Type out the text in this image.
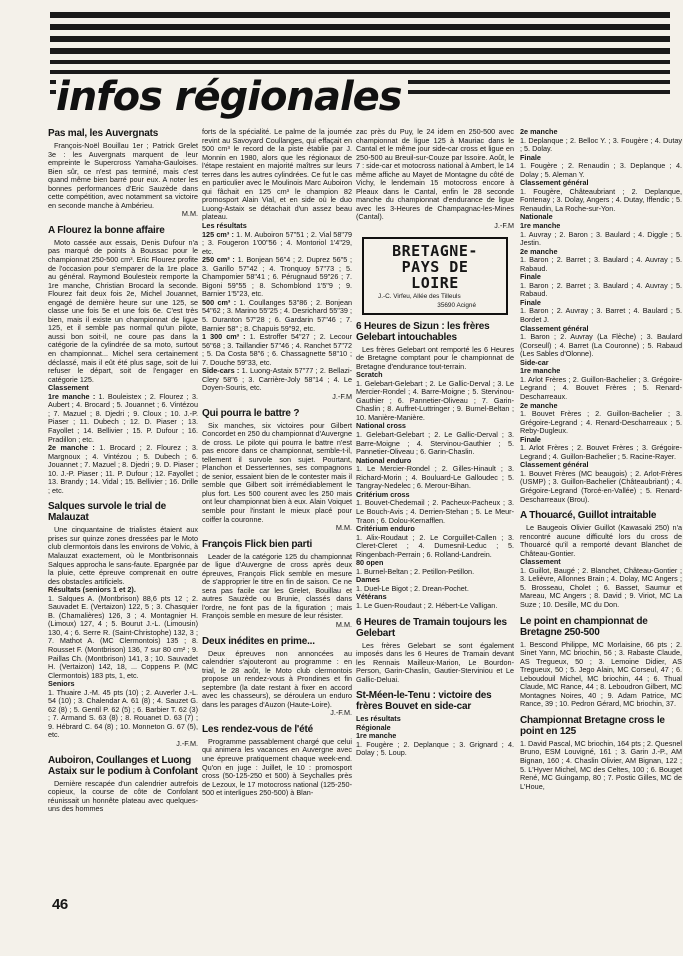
infos régionales
Pas mal, les Auvergnats

François-Noël Bouillau 1er ; Patrick Grelet 3e : les Auvergnats marquent de leur empreinte le Supercross Yamaha-Gauloises. Bien sûr, ce n'est pas terminé, mais c'est quand même bien barré pour eux. A noter les bonnes performances d'Eric Sauzède dans cette compétition, avec notamment sa victoire en seconde manche à Ambérieu.

M.M.

A Flourez la bonne affaire

Moto cassée aux essais, Denis Dufour n'a pas marqué de points à Boussac pour le championnat 250-500 cm³. Eric Flourez profite de l'occasion pour s'emparer de la 1re place au général. Raymond Boulesteix remporte la 1re manche, Christian Brocard la seconde. Flourez fait deux fois 2e, Michel Jouannet, engagé de dernière heure sur une 125, se classe une fois 5e et une fois 6e. C'est très bien, mais il existe un championnat de ligue 125, et il semble pas normal qu'un pilote, aussi bon soit-il, ne coure pas dans la catégorie de la cylindrée de sa moto, surtout en championnat... Michel sera certainement déclassé, mais il eût été plus sage, soit de lui refuser le départ, soit de l'engager en catégorie 125.

Classement

1re manche : 1. Bouleistex ; 2. Flourez ; 3. Aubert ; 4. Brocard ; 5. Jouannet ; 6. Vintézou ; 7. Mazuel ; 8. Djedri ; 9. Cloux ; 10. J.-P. Piaser ; 11. Dubech ; 12. D. Piaser ; 13. Fayollet ; 14. Bellivier ; 15. P. Dufour ; 16. Pradillon ; etc.

2e manche : 1. Brocard ; 2. Flourez ; 3. Margnoux ; 4. Vintézou ; 5. Dubech ; 6. Jouannet ; 7. Mazuel ; 8. Djedri ; 9. D. Piaser ; 10. J.-P. Piaser ; 11. P. Dufour ; 12. Fayollet ; 13. Brandy ; 14. Vidal ; 15. Bellivier ; 16. Drille ; etc.

Salques survole le trial de Malauzat

Une cinquantaine de trialistes étaient aux prises sur quinze zones dressées par le Moto club clermontois dans les environs de Volvic, à Malauzat exactement, où le Montbrisonnais Salques approcha le sans-faute. Epargnée par la pluie, cette épreuve comprenait en outre des obstacles artificiels.

Résultats (seniors 1 et 2).

1. Salques A. (Montbrison) 88,6 pts 12 ; 2. Sauvadet E. (Vertaizon) 122, 5 ; 3. Chasquier B. (Chamalières) 126, 3 ; 4. Montagnier H. (Limoux) 127, 4 ; 5. Bourut J.-L. (Limousin) 130, 4 ; 6. Serre R. (Saint-Christophe) 132, 3 ; 7. Mathot A. (MC Clermontois) 135 ; 8. Rousset F. (Montbrison) 136, 7 sur 80 cm² ; 9. Paillas Ch. (Montbrison) 141, 3 ; 10. Sauvadet H. (Vertaizon) 142, 18, ... Coppens P. (MC Clermontois) 183 pts, 1, etc.

Seniors

1. Thuaire J.-M. 45 pts (10) ; 2. Auverler J.-L. 54 (10) ; 3. Chalendar A. 61 (8) ; 4. Sauzet G. 62 (8) ; 5. Gentil P. 62 (5) ; 6. Barbier T. 62 (3) ; 7. Armand S. 63 (8) ; 8. Rouanet D. 63 (7) ; 9. Hébrard C. 64 (8) ; 10. Monneton G. 67 (5), etc.

J.-F.M.

Auboiron, Coullanges et Luong Astaix sur le podium à Confolant

Dernière rescapée d'un calendrier autrefois copieux, la course de côte de Confolant réunissait un honnête plateau avec quelques-uns des hommes

forts de la spécialité. Le palme de la journée revint au Savoyard Coullanges, qui effaçait en 500 cm³ le record de la piste établie par J. Monnin en 1980, alors que les régionaux de l'étape restaient en majorité maîtres sur leurs terres dans les autres cylindrées. Ce fut le cas en particulier avec le Moulinois Marc Auboiron qui fâchait en 125 cm³ le champion 82 promosport Alain Vial, et en side où le duo Luong-Astaix se détachait d'un assez beau plateau.

Les résultats

125 cm³ : 1. M. Auboiron 57"51 ; 2. Vial 58"79 ; 3. Fougeron 1'00"56 ; 4. Montoriol 1'4"29, etc.

250 cm³ : 1. Bonjean 56"4 ; 2. Duprez 56"5 ; 3. Garillo 57"42 ; 4. Tronquoy 57"73 ; 5. Champomier 58"41 ; 6. Pérugnaud 59"26 ; 7. Bigoni 59"55 ; 8. Schomblond 1'5"9 ; 9. Barnier 1'5"23, etc.

500 cm³ : 1. Coullanges 53"86 ; 2. Bonjean 54"62 ; 3. Marino 55"25 ; 4. Desrichard 55"39 ; 5. Duranton 57"28 ; 6. Gardarin 57"46 ; 7. Barnier 58" ; 8. Chapuis 59"92, etc.

1 300 cm³ : 1. Estroffer 54"27 ; 2. Lecour 56"68 ; 3. Taillandier 57"46 ; 4. Ranchet 57"72 ; 5. Da Costa 58"6 ; 6. Chassagnette 58"10 ; 7. Douche 59"33, etc.

Side-cars : 1. Luong-Astaix 57"77 ; 2. Bellazi-Clery 58"6 ; 3. Carrière-Joly 58"14 ; 4. Le Doyen-Souris, etc.

J.-F.M

Qui pourra le battre ?

Six manches, six victoires pour Gilbert Concordet en 250 du championnat d'Auvergne de cross. Le pilote qui pourra le battre n'est pas encore dans ce championnat, semble-t-il, tellement il survole son sujet. Pourtant, Planchon et Dessertennes, ses compagnons de senior, essaient bien de le contester mais il semble que Gilbert soit irrémédiablement le plus fort. Les 500 courent avec les 250 mais ont leur championnat bien à eux. Alain Voiquet semble pour l'instant le mieux placé pour coiffer la couronne.

M.M.

François Flick bien parti

Leader de la catégorie 125 du championnat de ligue d'Auvergne de cross après deux épreuves, François Flick semble en mesure de s'approprier le titre en fin de saison. Ce ne sera pas facile car les Grelet, Bouillau et autres Sauzède ou Brunie, classés dans l'ordre, ne font pas de la figuration ; mais François semble en mesure de leur résister.

M.M.

Deux inédites en prime...

Deux épreuves non annoncées au calendrier s'ajouteront au programme : en trial, le 28 août, le Moto club clermontois propose un rendez-vous à Prondines et fin septembre (la date restant à fixer en accord avec les chasseurs), se déroulera un enduro dans les parages d'Auzon (Haute-Loire).

J.-F.M.

Les rendez-vous de l'été

Programme passablement chargé que celui qui animera les vacances en Auvergne avec une épreuve pratiquement chaque week-end. Qu'on en juge : Juillet, le 10 : promosport cross (50-125-250 et 500) à Seychalles près de Lezoux, le 17 motocross national (125-250-500 et interligues 250-500) à Blan-

zac près du Puy, le 24 idem en 250-500 avec championnat de ligue 125 à Mauriac dans le Cantal et le même jour side-car cross et ligue en 250-500 au Breuil-sur-Couze par Issoire. Août, le 7 : side-car et motocross national à Ambert, le 14 même affiche au Mayet de Montagne du côté de Vichy, le lendemain 15 motocross encore à Pleaux dans le Cantal, enfin le 28 seconde manche du championnat d'endurance de ligue avec les 3-Heures de Champagnac-les-Mines (Cantal).

J.-F.M

BRETAGNE-
PAYS DE
LOIRE
J.-C. Virfeu, Allée des Tilleuls
35690 Acigné
6 Heures de Sizun : les frères Gelebart intouchables

Les frères Gelebart ont remporté les 6 Heures de Bretagne comptant pour le championnat de Bretagne d'endurance tout-terrain.

Scratch

1. Gelebart-Gelebart ; 2. Le Gallic-Derval ; 3. Le Mercier-Rondel ; 4. Barre-Moigne ; 5. Stervinou-Gauthier ; 6. Pannetier-Oliveau ; 7. Garin-Chaslin ; 8. Auffret-Luttringer ; 9. Burnel-Beltan ; 10. Manière-Manière.

National cross

1. Gelebart-Gelebart ; 2. Le Gallic-Derval ; 3. Barre-Moigne ; 4. Stervinou-Gauthier ; 5. Pannetier-Oliveau ; 6. Garin-Chaslin.

National enduro

1. Le Mercier-Rondel ; 2. Gilles-Hinault ; 3. Richard-Morin ; 4. Bouluard-Le Galloudec ; 5. Tangray-Nedelec ; 6. Merour-Bihan.

Critérium cross

1. Bouvet-Chedemail ; 2. Pacheux-Pacheux ; 3. Le Bouch-Avis ; 4. Derrien-Stehan ; 5. Le Meur-Traon ; 6. Dolou-Kernafflen.

Critérium enduro

1. Alix-Roudaut ; 2. Le Corguillet-Callen ; 3. Cleret-Cleret ; 4. Dumesnil-Leduc ; 5. Ringenbach-Perrain ; 6. Rolland-Landrein.

80 open

1. Burnel-Beltan ; 2. Petillon-Petillon.

Dames

1. Duel-Le Bigot ; 2. Drean-Pochet.

Vétérans

1. Le Guen-Roudaut ; 2. Hébert-Le Valligan.

6 Heures de Tramain toujours les Gelebart

Les frères Gelebart se sont également imposés dans les 6 Heures de Tramain devant les Rennais Mailleux-Marion, Le Bourdon-Person, Garin-Chaslin, Gautier-Sterviniou et Le Gallic-Deluai.

St-Méen-le-Tenu : victoire des frères Bouvet en side-car

Les résultats

Régionale

1re manche

1. Fougère ; 2. Deplanque ; 3. Grignard ; 4. Dolay ; 5. Loup.

2e manche

1. Deplanque ; 2. Belloc Y. ; 3. Fougère ; 4. Dutay ; 5. Dolay.

Finale

1. Fougère ; 2. Renaudin ; 3. Deplanque ; 4. Dolay ; 5. Aleman Y.

Classement général

1. Fougère, Châteaubriant ; 2. Deplanque, Fontenay ; 3. Dolay, Angers ; 4. Dutay, Iffendic ; 5. Renaudin, La Roche-sur-Yon.

Nationale

1re manche

1. Auvray ; 2. Baron ; 3. Baulard ; 4. Diggle ; 5. Jestin.

2e manche

1. Baron ; 2. Barret ; 3. Baulard ; 4. Auvray ; 5. Rabaud.

Finale

1. Baron ; 2. Barret ; 3. Baulard ; 4. Auvray ; 5. Rabaud.

Finale

1. Baron ; 2. Auvray ; 3. Barret ; 4. Baulard ; 5. Bordet J.

Classement général

1. Baron ; 2. Auvray (La Flèche) ; 3. Baulard (Corseull) ; 4. Barret (La Couronne) ; 5. Rabaud (Les Sables d'Olonne).

Side-car

1re manche

1. Arlot Frères ; 2. Guillon-Bachelier ; 3. Grégoire-Legrand ; 4. Bouvet Frères ; 5. Renard-Descharreaux.

2e manche

1. Bouvet Frères ; 2. Guillon-Bachelier ; 3. Grégoire-Legrand ; 4. Renard-Descharreaux ; 5. Reby-Dugleux.

Finale

1. Arlot Frères ; 2. Bouvet Frères ; 3. Grégoire-Legrand ; 4. Guillon-Bachelier ; 5. Racine-Rayer.

Classement général

1. Bouvet Frères (MC beaugois) ; 2. Arlot-Frères (USMP) ; 3. Guillon-Bachelier (Châteaubriant) ; 4. Grégoire-Legrand (Torcé-en-Vallée) ; 5. Renard-Descharreaux (Brou).

A Thouarcé, Guillot intraitable

Le Baugeois Olivier Guillot (Kawasaki 250) n'a rencontré aucune difficulté lors du cross de Thouarcé qu'il a remporté devant Blanchet de Château-Gontier.

Classement

1. Guillot, Baugé ; 2. Blanchet, Château-Gontier ; 3. Lelièvre, Allonnes Brain ; 4. Dolay, MC Angers ; 5. Brosseau, Cholet ; 6. Basset, Saumur et Mareau, MC Angers ; 8. David ; 9. Viriot, MC La Suze ; 10. Desille, MC du Don.

Le point en championnat de Bretagne 250-500

1. Bescond Philippe, MC Morlaisine, 66 pts ; 2. Sinet Yann, MC briochin, 56 ; 3. Rabaste Claude, AS Tregueux, 50 ; 3. Lemoine Didier, AS Tregueux, 50 ; 5. Jego Alain, MC Corseul, 47 ; 6. Leboudouil Michel, MC briochin, 44 ; 6. Thual Claude, MC Rance, 44 ; 8. Leboudron Gilbert, MC Montagnes Noires, 40 ; 9. Adam Patrice, MC Rance, 39 ; 10. Pedron Gérard, MC briochin, 37.

Championnat Bretagne cross le point en 125

1. David Pascal, MC briochin, 164 pts ; 2. Quesnel Bruno, ESM Louvigné, 161 ; 3. Garin J.-P., AM Bignan, 160 ; 4. Chaslin Olivier, AM Bignan, 122 ; 5. L'Hyver Michel, MC des Celtes, 100 ; 6. Bouget René, MC Guingamp, 80 ; 7. Postic Gilles, MC de L'Houe,

46
